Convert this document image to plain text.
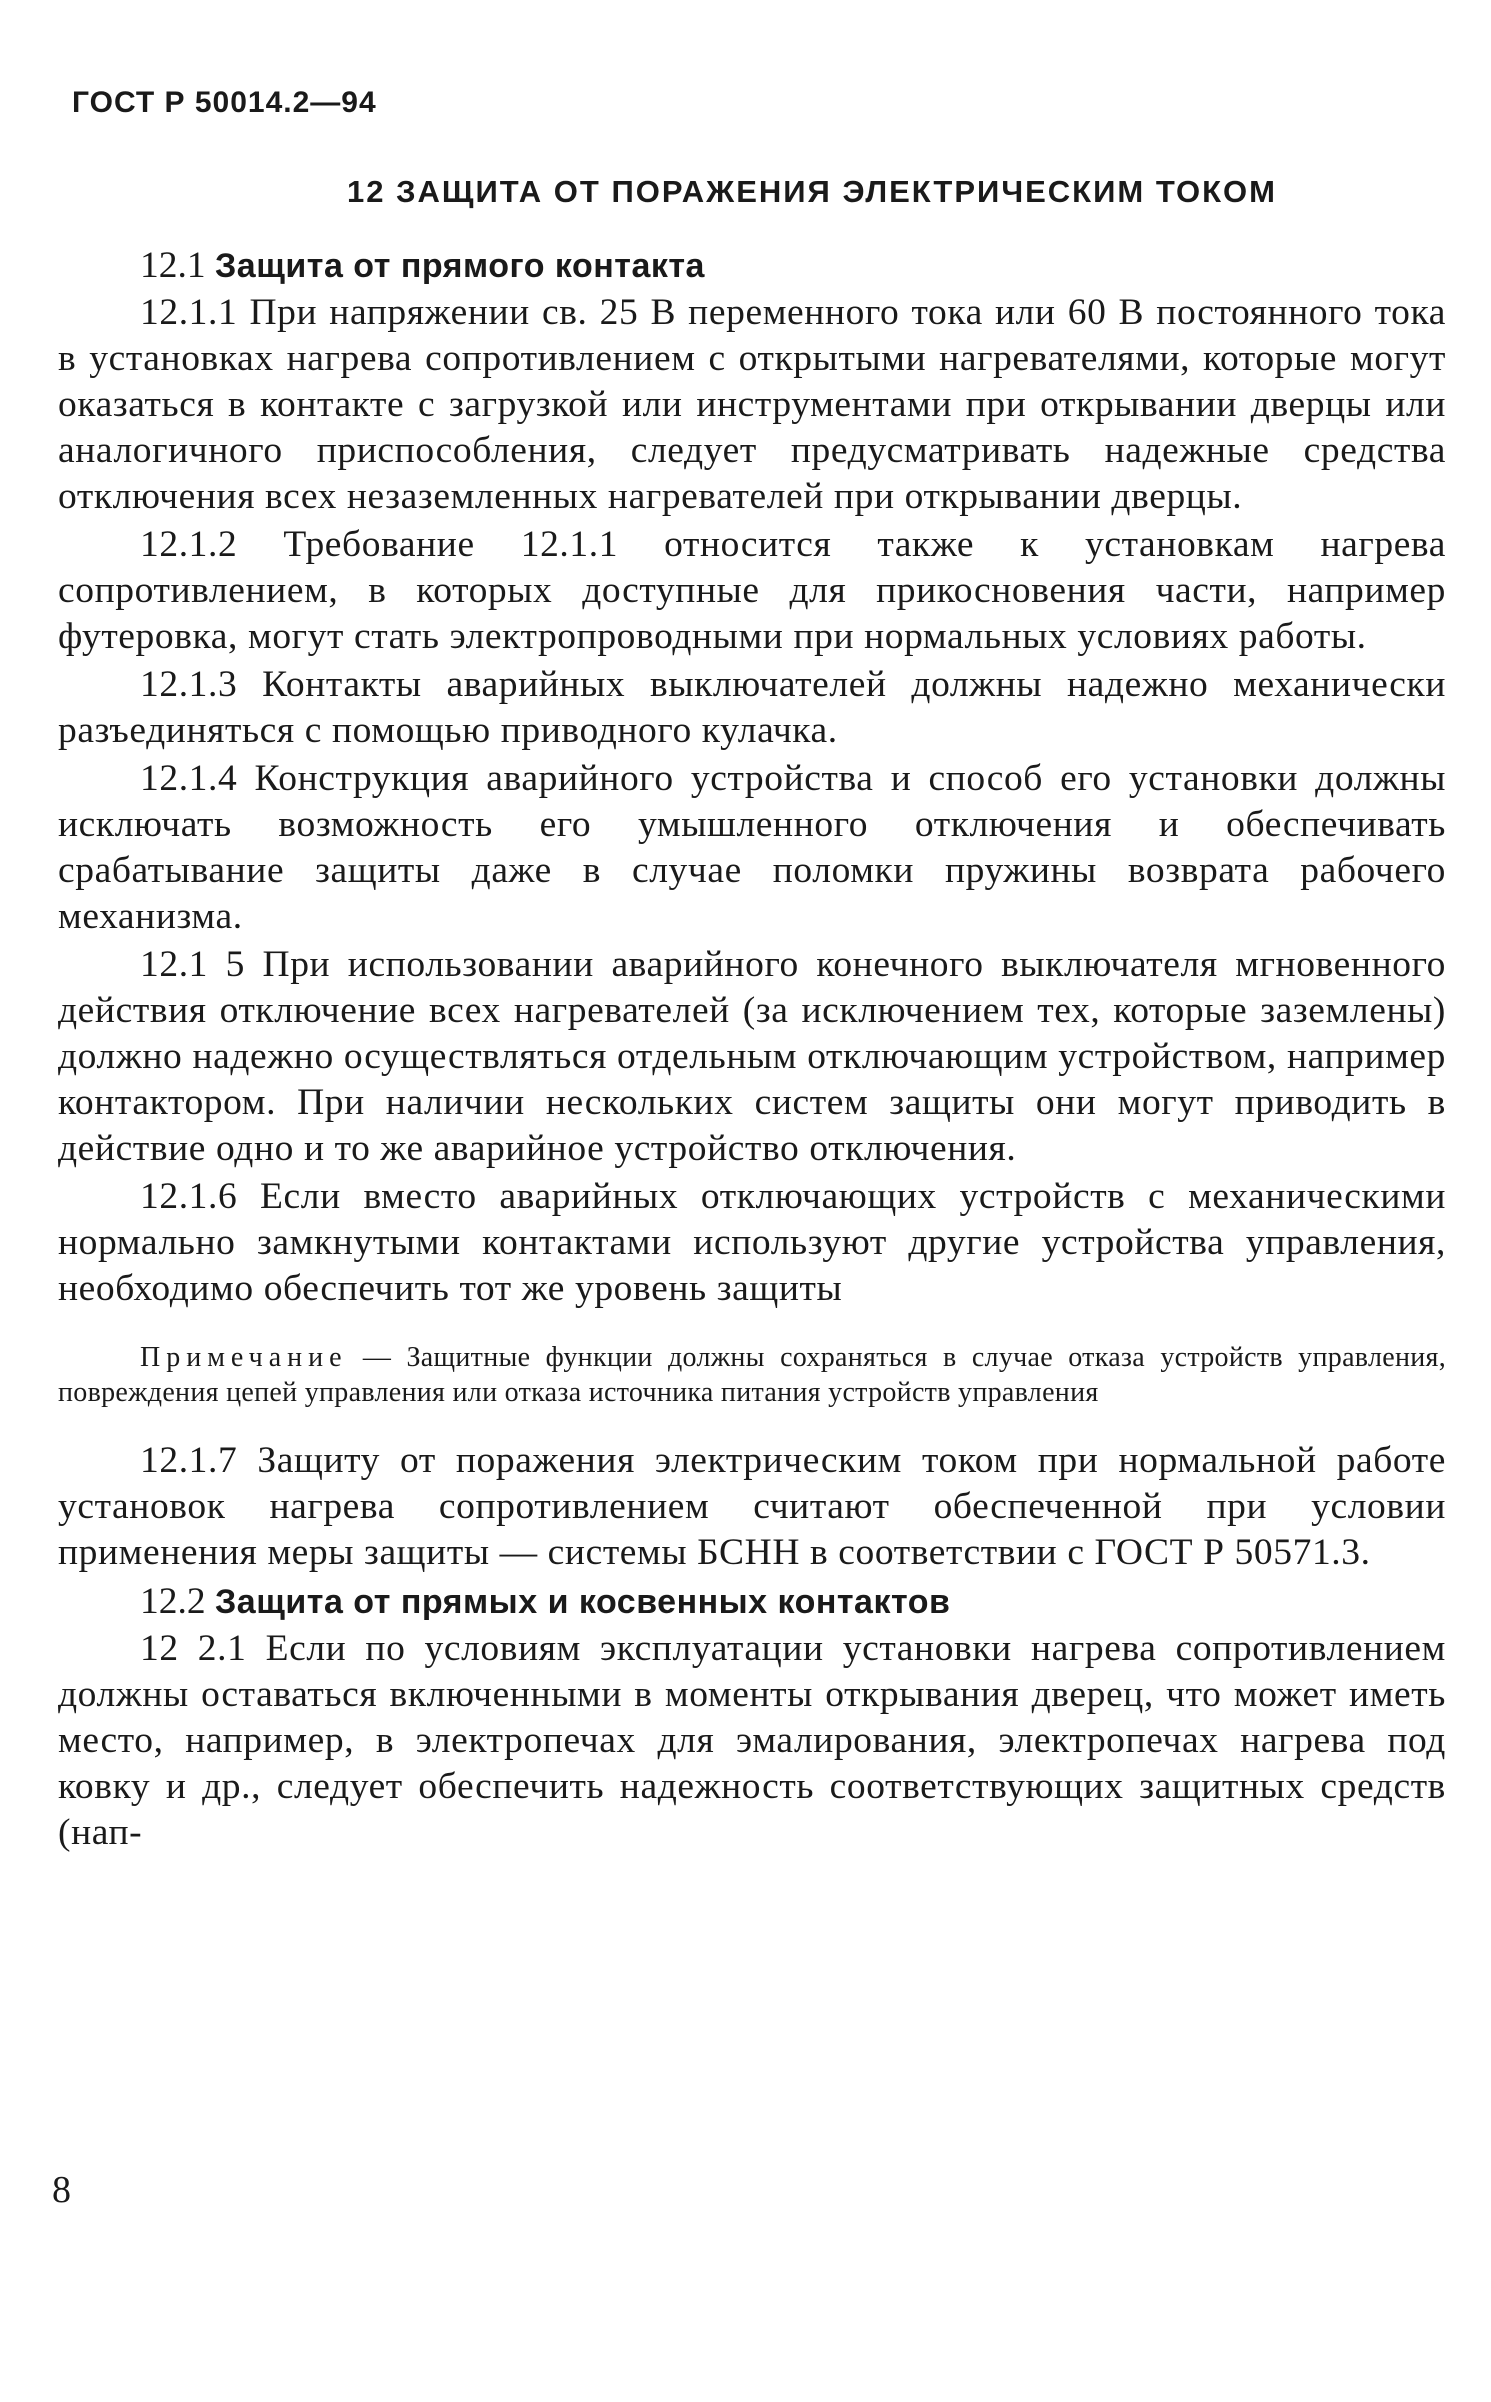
ГОСТ Р 50014.2—94
12 ЗАЩИТА ОТ ПОРАЖЕНИЯ ЭЛЕКТРИЧЕСКИМ ТОКОМ

12.1 Защита от прямого контакта

12.1.1 При напряжении св. 25 В переменного тока или 60 В постоянного тока в установках нагрева сопротивлением с открытыми нагревателями, которые могут оказаться в контакте с загрузкой или инструментами при открывании дверцы или аналогичного приспособления, следует предусматривать надежные средства отключения всех незаземленных нагревателей при открывании дверцы.

12.1.2 Требование 12.1.1 относится также к установкам нагрева сопротивлением, в которых доступные для прикосновения части, например футеровка, могут стать электропроводными при нормальных условиях работы.

12.1.3 Контакты аварийных выключателей должны надежно механически разъединяться с помощью приводного кулачка.

12.1.4 Конструкция аварийного устройства и способ его установки должны исключать возможность его умышленного отключения и обеспечивать срабатывание защиты даже в случае поломки пружины возврата рабочего механизма.

12.1 5 При использовании аварийного конечного выключателя мгновенного действия отключение всех нагревателей (за исключением тех, которые заземлены) должно надежно осуществляться отдельным отключающим устройством, например контактором. При наличии нескольких систем защиты они могут приводить в действие одно и то же аварийное устройство отключения.

12.1.6 Если вместо аварийных отключающих устройств с механическими нормально замкнутыми контактами используют другие устройства управления, необходимо обеспечить тот же уровень защиты

Примечание — Защитные функции должны сохраняться в случае отказа устройств управления, повреждения цепей управления или отказа источника питания устройств управления

12.1.7 Защиту от поражения электрическим током при нормальной работе установок нагрева сопротивлением считают обеспеченной при условии применения меры защиты — системы БСНН в соответствии с ГОСТ Р 50571.3.

12.2 Защита от прямых и косвенных контактов

12 2.1 Если по условиям эксплуатации установки нагрева сопротивлением должны оставаться включенными в моменты открывания дверец, что может иметь место, например, в электропечах для эмалирования, электропечах нагрева под ковку и др., следует обеспечить надежность соответствующих защитных средств (нап-

8
